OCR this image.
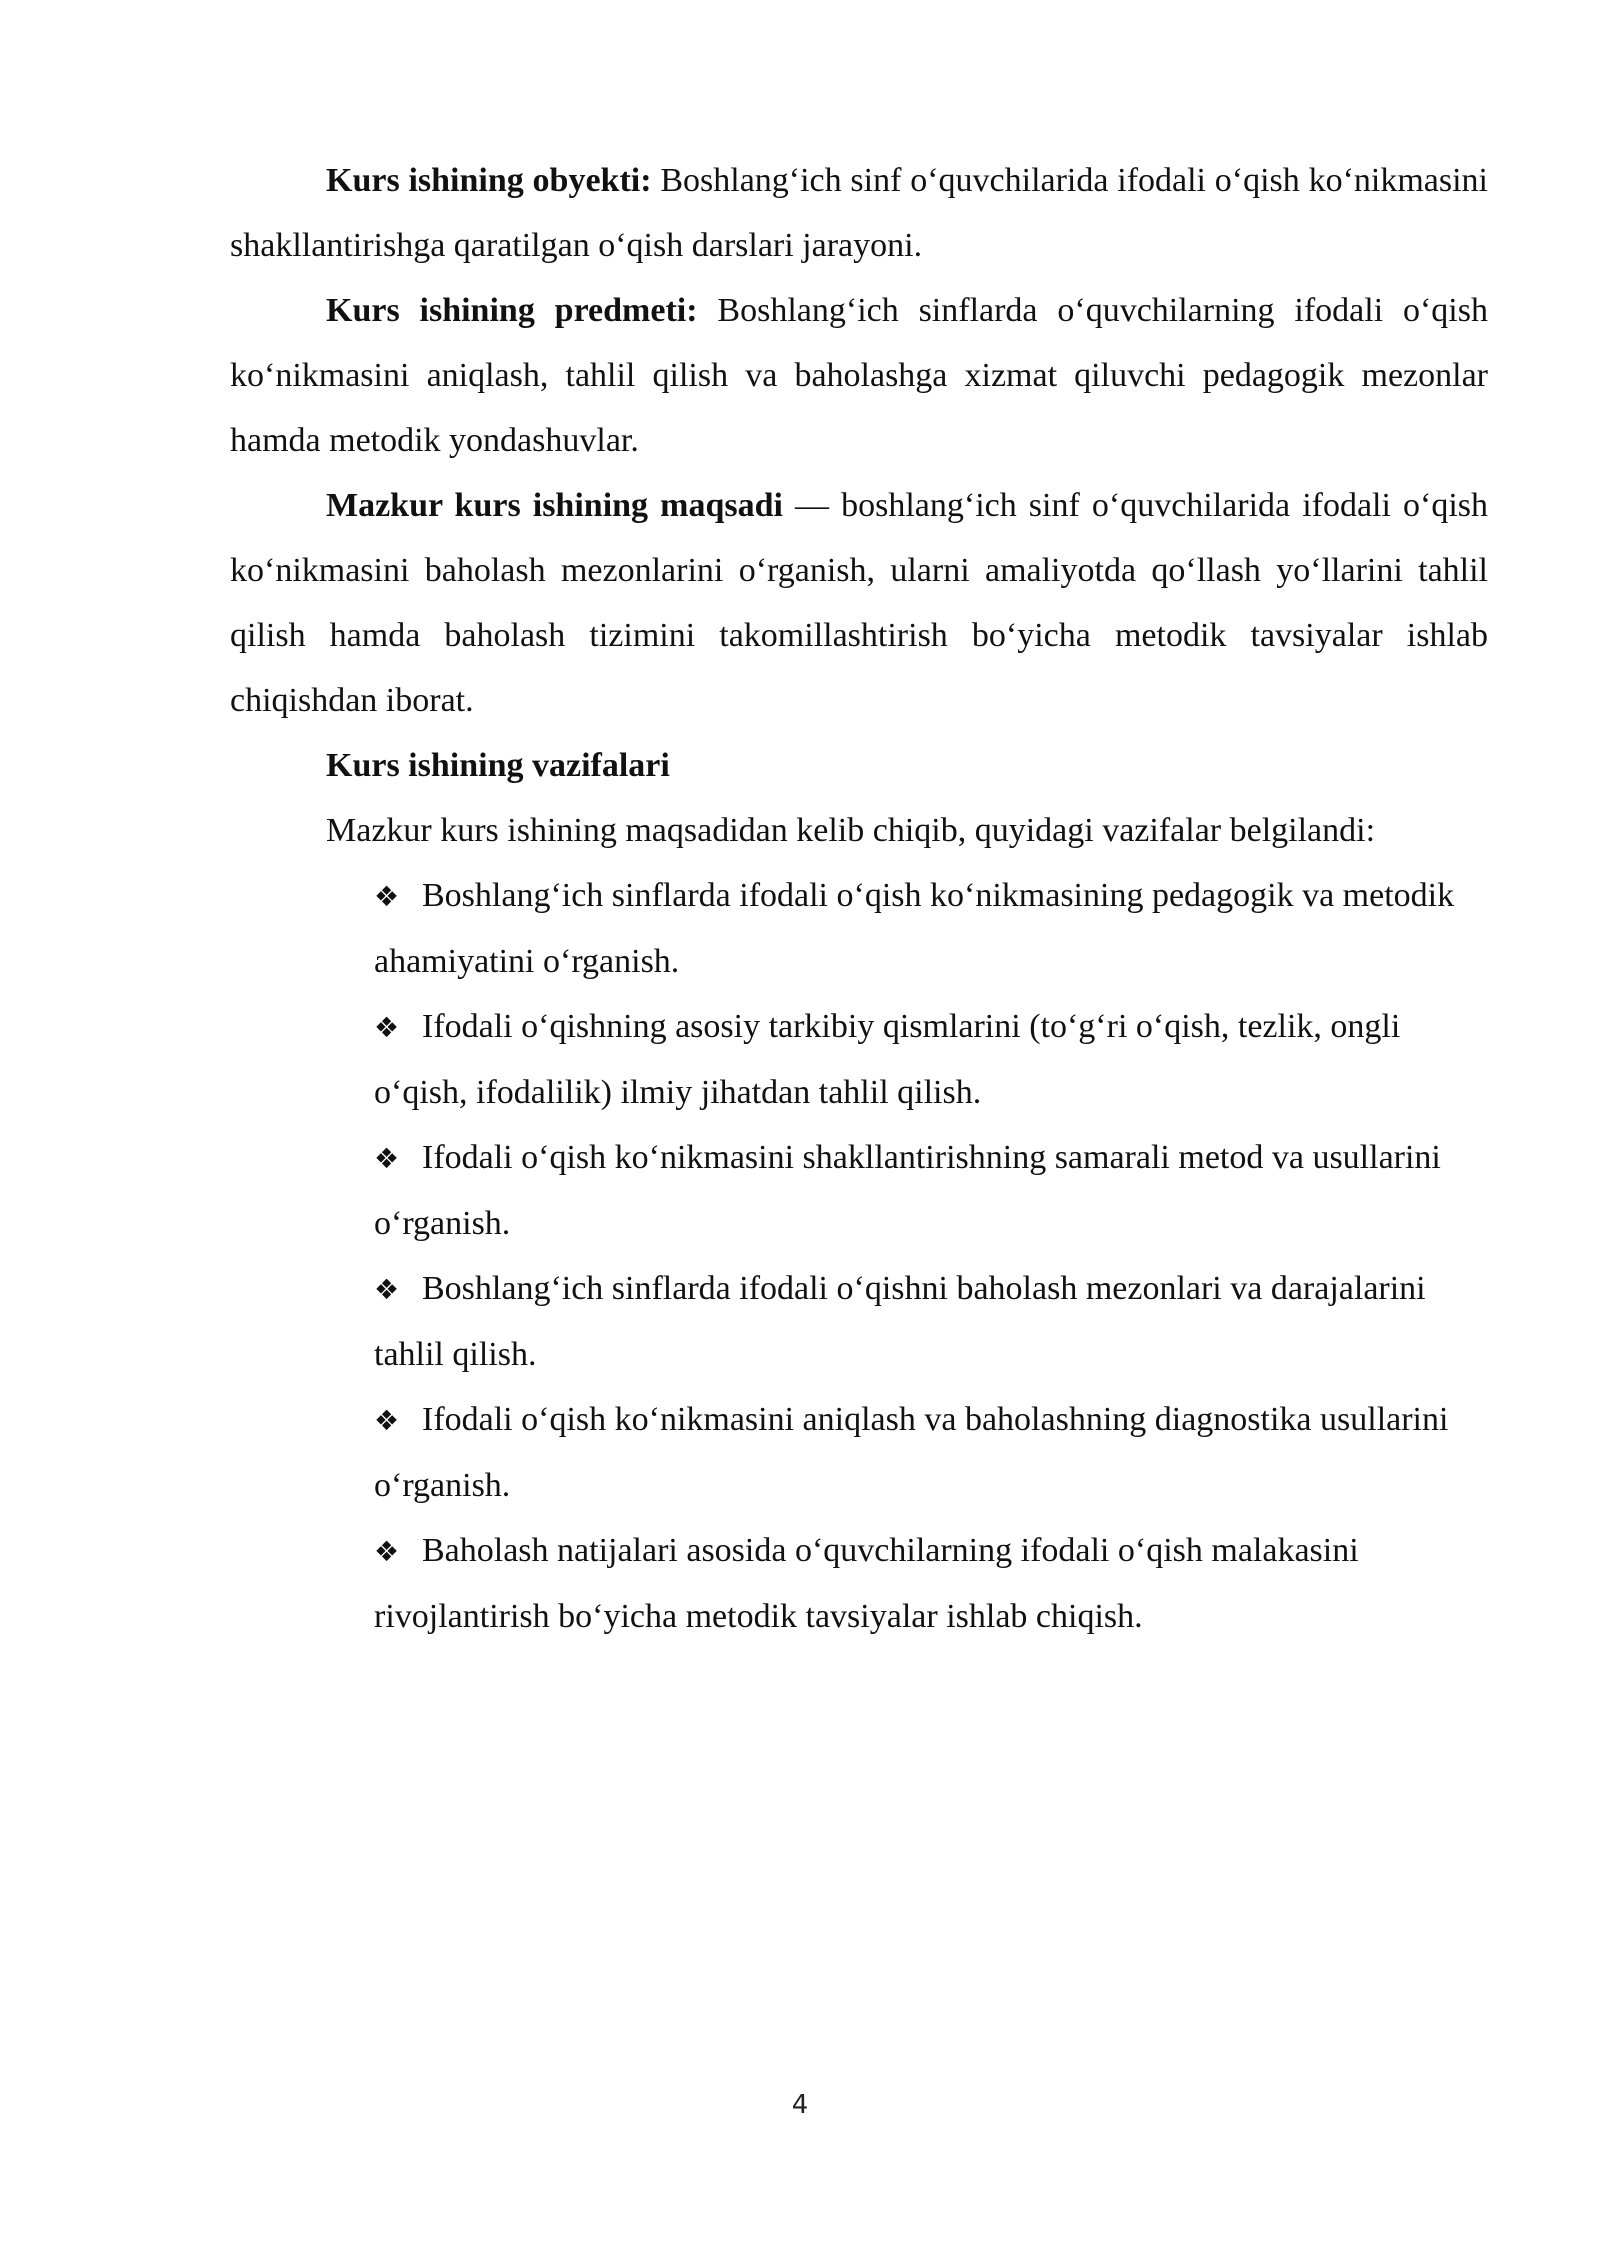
Kurs ishining obyekti: Boshlang‘ich sinf o‘quvchilarida ifodali o‘qish ko‘nikmasini shakllantirishga qaratilgan o‘qish darslari jarayoni.

Kurs ishining predmeti: Boshlang‘ich sinflarda o‘quvchilarning ifodali o‘qish ko‘nikmasini aniqlash, tahlil qilish va baholashga xizmat qiluvchi pedagogik mezonlar hamda metodik yondashuvlar.

Mazkur kurs ishining maqsadi — boshlang‘ich sinf o‘quvchilarida ifodali o‘qish ko‘nikmasini baholash mezonlarini o‘rganish, ularni amaliyotda qo‘llash yo‘llarini tahlil qilish hamda baholash tizimini takomillashtirish bo‘yicha metodik tavsiyalar ishlab chiqishdan iborat.

Kurs ishining vazifalari

Mazkur kurs ishining maqsadidan kelib chiqib, quyidagi vazifalar belgilandi:

❖ Boshlang‘ich sinflarda ifodali o‘qish ko‘nikmasining pedagogik va metodik ahamiyatini o‘rganish.
❖ Ifodali o‘qishning asosiy tarkibiy qismlarini (to‘g‘ri o‘qish, tezlik, ongli o‘qish, ifodalilik) ilmiy jihatdan tahlil qilish.
❖ Ifodali o‘qish ko‘nikmasini shakllantirishning samarali metod va usullarini o‘rganish.
❖ Boshlang‘ich sinflarda ifodali o‘qishni baholash mezonlari va darajalarini tahlil qilish.
❖ Ifodali o‘qish ko‘nikmasini aniqlash va baholashning diagnostika usullarini o‘rganish.
❖ Baholash natijalari asosida o‘quvchilarning ifodali o‘qish malakasini rivojlantirish bo‘yicha metodik tavsiyalar ishlab chiqish.
4
